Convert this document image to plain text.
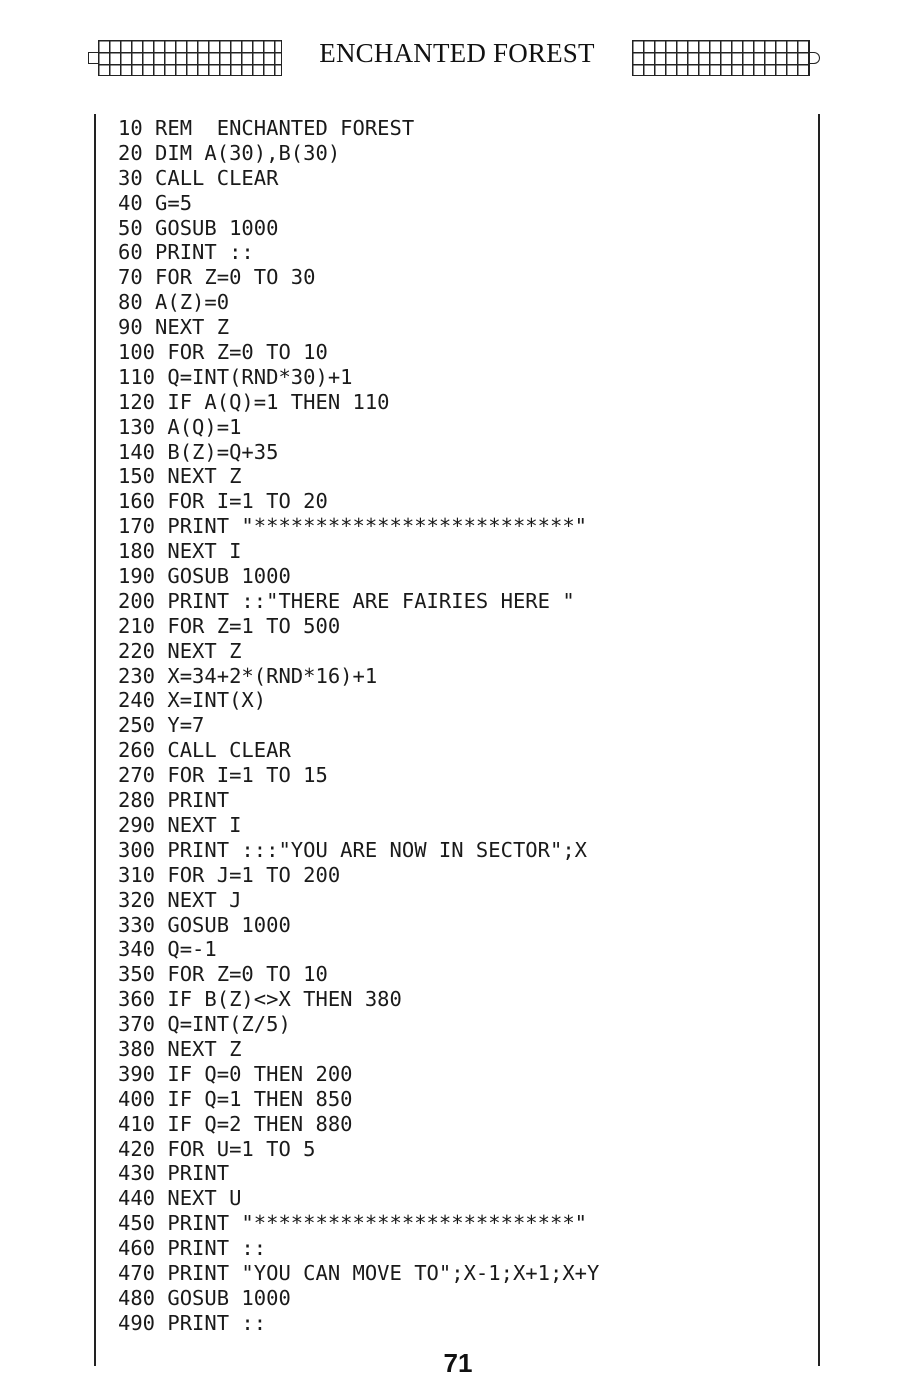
ENCHANTED FOREST
10 REM  ENCHANTED FOREST
20 DIM A(30),B(30)
30 CALL CLEAR
40 G=5
50 GOSUB 1000
60 PRINT ::
70 FOR Z=0 TO 30
80 A(Z)=0
90 NEXT Z
100 FOR Z=0 TO 10
110 Q=INT(RND*30)+1
120 IF A(Q)=1 THEN 110
130 A(Q)=1
140 B(Z)=Q+35
150 NEXT Z
160 FOR I=1 TO 20
170 PRINT "**************************"
180 NEXT I
190 GOSUB 1000
200 PRINT ::"THERE ARE FAIRIES HERE "
210 FOR Z=1 TO 500
220 NEXT Z
230 X=34+2*(RND*16)+1
240 X=INT(X)
250 Y=7
260 CALL CLEAR
270 FOR I=1 TO 15
280 PRINT
290 NEXT I
300 PRINT :::"YOU ARE NOW IN SECTOR";X
310 FOR J=1 TO 200
320 NEXT J
330 GOSUB 1000
340 Q=-1
350 FOR Z=0 TO 10
360 IF B(Z)<>X THEN 380
370 Q=INT(Z/5)
380 NEXT Z
390 IF Q=0 THEN 200
400 IF Q=1 THEN 850
410 IF Q=2 THEN 880
420 FOR U=1 TO 5
430 PRINT
440 NEXT U
450 PRINT "**************************"
460 PRINT ::
470 PRINT "YOU CAN MOVE TO";X-1;X+1;X+Y
480 GOSUB 1000
490 PRINT ::
71
